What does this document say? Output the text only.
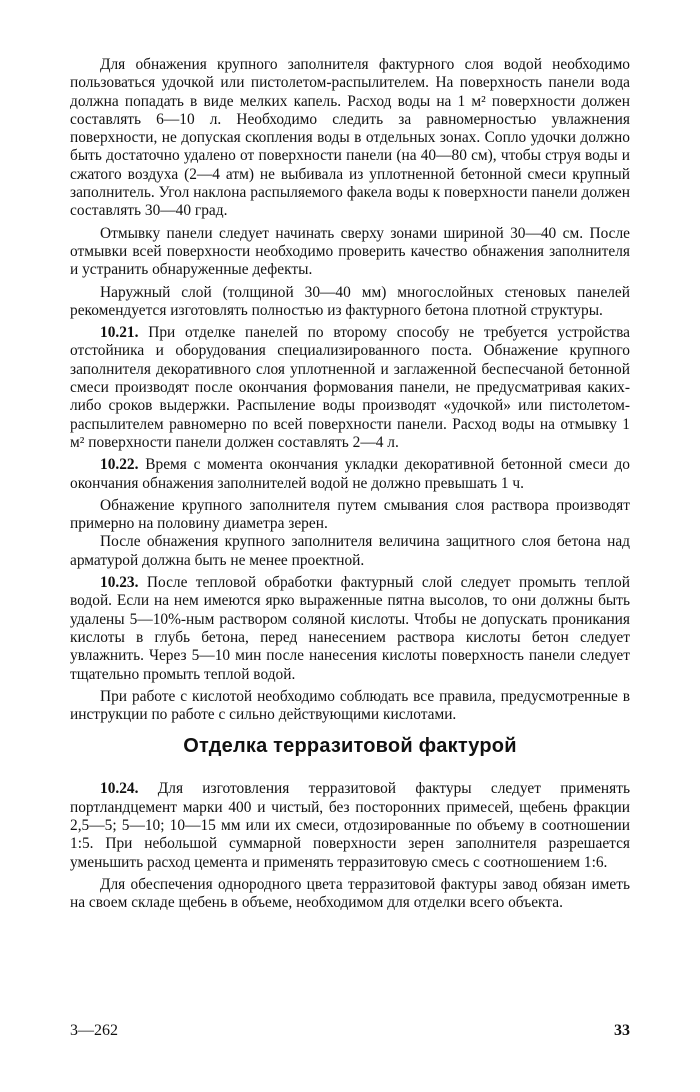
Для обнажения крупного заполнителя фактурного слоя водой необходимо пользоваться удочкой или пистолетом-распылителем. На поверхность панели вода должна попадать в виде мелких капель. Расход воды на 1 м² поверхности должен составлять 6—10 л. Необходимо следить за равномерностью увлажнения поверхности, не допуская скопления воды в отдельных зонах. Сопло удочки должно быть достаточно удалено от поверхности панели (на 40—80 см), чтобы струя воды и сжатого воздуха (2—4 атм) не выбивала из уплотненной бетонной смеси крупный заполнитель. Угол наклона распыляемого факела воды к поверхности панели должен составлять 30—40 град.

Отмывку панели следует начинать сверху зонами шириной 30—40 см. После отмывки всей поверхности необходимо проверить качество обнажения заполнителя и устранить обнаруженные дефекты.

Наружный слой (толщиной 30—40 мм) многослойных стеновых панелей рекомендуется изготовлять полностью из фактурного бетона плотной структуры.

10.21. При отделке панелей по второму способу не требуется устройства отстойника и оборудования специализированного поста. Обнажение крупного заполнителя декоративного слоя уплотненной и заглаженной беспесчаной бетонной смеси производят после окончания формования панели, не предусматривая каких-либо сроков выдержки. Распыление воды производят «удочкой» или пистолетом-распылителем равномерно по всей поверхности панели. Расход воды на отмывку 1 м² поверхности панели должен составлять 2—4 л.

10.22. Время с момента окончания укладки декоративной бетонной смеси до окончания обнажения заполнителей водой не должно превышать 1 ч.

Обнажение крупного заполнителя путем смывания слоя раствора производят примерно на половину диаметра зерен.

После обнажения крупного заполнителя величина защитного слоя бетона над арматурой должна быть не менее проектной.

10.23. После тепловой обработки фактурный слой следует промыть теплой водой. Если на нем имеются ярко выраженные пятна высолов, то они должны быть удалены 5—10%-ным раствором соляной кислоты. Чтобы не допускать проникания кислоты в глубь бетона, перед нанесением раствора кислоты бетон следует увлажнить. Через 5—10 мин после нанесения кислоты поверхность панели следует тщательно промыть теплой водой.

При работе с кислотой необходимо соблюдать все правила, предусмотренные в инструкции по работе с сильно действующими кислотами.

Отделка терразитовой фактурой

10.24. Для изготовления терразитовой фактуры следует применять портландцемент марки 400 и чистый, без посторонних примесей, щебень фракции 2,5—5; 5—10; 10—15 мм или их смеси, отдозированные по объему в соотношении 1:5. При небольшой суммарной поверхности зерен заполнителя разрешается уменьшить расход цемента и применять терразитовую смесь с соотношением 1:6.

Для обеспечения однородного цвета терразитовой фактуры завод обязан иметь на своем складе щебень в объеме, необходимом для отделки всего объекта.

3—262	33
